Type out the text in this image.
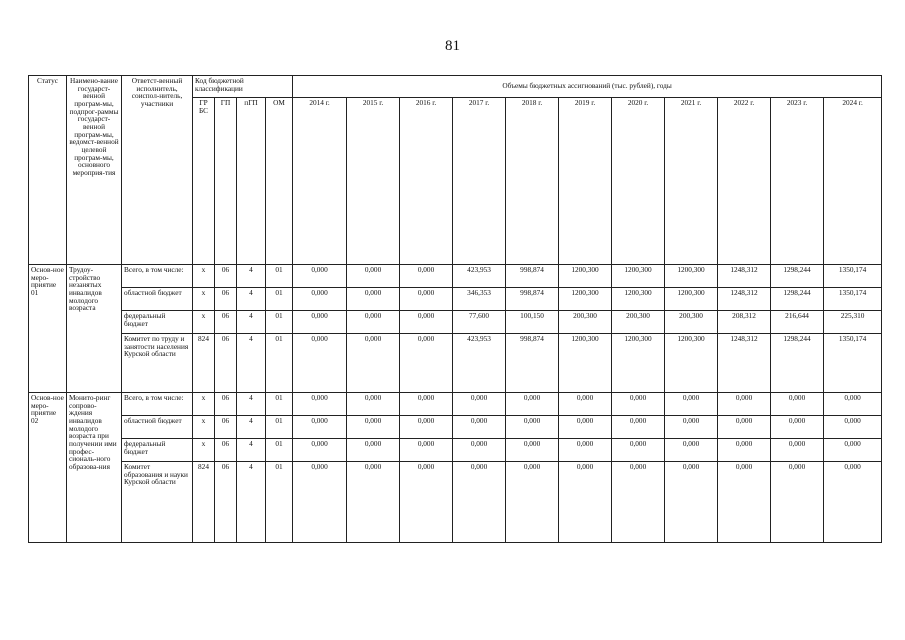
81
Статус	Наимено-вание государст-венной програм-мы, подпрог-раммы государст-венной програм-мы, ведомст-венной целевой програм-мы, основного мероприя-тия	Ответст-венный исполнитель, соиспол-нитель, участники	Код бюджетной классификации				Объемы бюджетных ассигнований (тыс. рублей), годы										
			ГР БС	ГП	пГП	ОМ	2014 г.	2015 г.	2016 г.	2017 г.	2018 г.	2019 г.	2020 г.	2021 г.	2022 г.	2023 г.	2024 г.
Основ-ное меро-приятие 01	Трудоу-стройство незанятых инвалидов молодого возраста	Всего, в том числе:	х	06	4	01	0,000	0,000	0,000	423,953	998,874	1200,300	1200,300	1200,300	1248,312	1298,244	1350,174
		областной бюджет	х	06	4	01	0,000	0,000	0,000	346,353	998,874	1200,300	1200,300	1200,300	1248,312	1298,244	1350,174
		федеральный бюджет	х	06	4	01	0,000	0,000	0,000	77,600	100,150	200,300	200,300	200,300	208,312	216,644	225,310
		Комитет по труду и занятости населения Курской области	824	06	4	01	0,000	0,000	0,000	423,953	998,874	1200,300	1200,300	1200,300	1248,312	1298,244	1350,174
Основ-ное меро-приятие 02	Монито-ринг сопрово-ждения инвалидов молодого возраста при получении ими профес-сиональ-ного образова-ния	Всего, в том числе:	х	06	4	01	0,000	0,000	0,000	0,000	0,000	0,000	0,000	0,000	0,000	0,000	0,000
		областной бюджет	х	06	4	01	0,000	0,000	0,000	0,000	0,000	0,000	0,000	0,000	0,000	0,000	0,000
		федеральный бюджет	х	06	4	01	0,000	0,000	0,000	0,000	0,000	0,000	0,000	0,000	0,000	0,000	0,000
		Комитет образования и науки Курской области	824	06	4	01	0,000	0,000	0,000	0,000	0,000	0,000	0,000	0,000	0,000	0,000	0,000
